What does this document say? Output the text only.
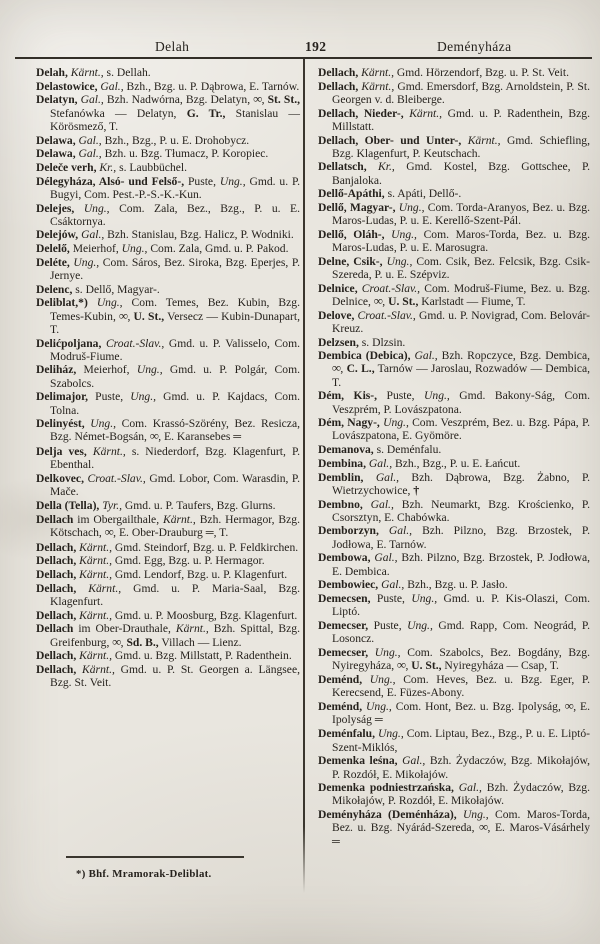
Delah	192	Deményháza

Delah, Kärnt., s. Dellah.

Delastowice, Gal., Bzh., Bzg. u. P. Dąbrowa, E. Tarnów.

Delatyn, Gal., Bzh. Nadwórna, Bzg. Delatyn, ∞, St. St., Stefanówka — Delatyn, G. Tr., Stanislau — Körösmező, T.

Delawa, Gal., Bzh., Bzg., P. u. E. Drohobycz.

Delawa, Gal., Bzh. u. Bzg. Tłumacz, P. Koropiec.

Deleče verh, Kr., s. Laubbüchel.

Délegyháza, Alsó- und Felső-, Puste, Ung., Gmd. u. P. Bugyi, Com. Pest.-P.-S.-K.-Kun.

Delejes, Ung., Com. Zala, Bez., Bzg., P. u. E. Csáktornya.

Delejów, Gal., Bzh. Stanislau, Bzg. Halicz, P. Wodniki.

Delelő, Meierhof, Ung., Com. Zala, Gmd. u. P. Pakod.

Deléte, Ung., Com. Sáros, Bez. Siroka, Bzg. Eperjes, P. Jernye.

Delenc, s. Dellő, Magyar-.

Deliblat,*) Ung., Com. Temes, Bez. Kubin, Bzg. Temes-Kubin, ∞, U. St., Versecz — Kubin-Dunapart, T.

Delićpoljana, Croat.-Slav., Gmd. u. P. Valisselo, Com. Modruš-Fiume.

Deliház, Meierhof, Ung., Gmd. u. P. Polgár, Com. Szabolcs.

Delimajor, Puste, Ung., Gmd. u. P. Kajdacs, Com. Tolna.

Delinyést, Ung., Com. Krassó-Szörény, Bez. Resicza, Bzg. Német-Bogsán, ∞, E. Karansebes ═

Delja ves, Kärnt., s. Niederdorf, Bzg. Klagenfurt, P. Ebenthal.

Delkovec, Croat.-Slav., Gmd. Lobor, Com. Warasdin, P. Mače.

Della (Tella), Tyr., Gmd. u. P. Taufers, Bzg. Glurns.

Dellach im Obergailthale, Kärnt., Bzh. Hermagor, Bzg. Kötschach, ∞, E. Ober-Drauburg ═, T.

Dellach, Kärnt., Gmd. Steindorf, Bzg. u. P. Feldkirchen.

Dellach, Kärnt., Gmd. Egg, Bzg. u. P. Hermagor.

Dellach, Kärnt., Gmd. Lendorf, Bzg. u. P. Klagenfurt.

Dellach, Kärnt., Gmd. u. P. Maria-Saal, Bzg. Klagenfurt.

Dellach, Kärnt., Gmd. u. P. Moosburg, Bzg. Klagenfurt.

Dellach im Ober-Drauthale, Kärnt., Bzh. Spittal, Bzg. Greifenburg, ∞, Sd. B., Villach — Lienz.

Dellach, Kärnt., Gmd. u. Bzg. Millstatt, P. Radenthein.

Dellach, Kärnt., Gmd. u. P. St. Georgen a. Längsee, Bzg. St. Veit.

Dellach, Kärnt., Gmd. Hörzendorf, Bzg. u. P. St. Veit.

Dellach, Kärnt., Gmd. Emersdorf, Bzg. Arnoldstein, P. St. Georgen v. d. Bleiberge.

Dellach, Nieder-, Kärnt., Gmd. u. P. Radenthein, Bzg. Millstatt.

Dellach, Ober- und Unter-, Kärnt., Gmd. Schiefling, Bzg. Klagenfurt, P. Keutschach.

Dellatsch, Kr., Gmd. Kostel, Bzg. Gottschee, P. Banjaloka.

Dellő-Apáthi, s. Apáti, Dellő-.

Dellő, Magyar-, Ung., Com. Torda-Aranyos, Bez. u. Bzg. Maros-Ludas, P. u. E. Kerellő-Szent-Pál.

Dellő, Oláh-, Ung., Com. Maros-Torda, Bez. u. Bzg. Maros-Ludas, P. u. E. Marosugra.

Delne, Csik-, Ung., Com. Csik, Bez. Felcsik, Bzg. Csik-Szereda, P. u. E. Szépviz.

Delnice, Croat.-Slav., Com. Modruš-Fiume, Bez. u. Bzg. Delnice, ∞, U. St., Karlstadt — Fiume, T.

Delove, Croat.-Slav., Gmd. u. P. Novigrad, Com. Belovár-Kreuz.

Delzsen, s. Dlzsin.

Dembica (Debica), Gal., Bzh. Ropczyce, Bzg. Dembica, ∞, C. L., Tarnów — Jaroslau, Rozwadów — Dembica, T.

Dém, Kis-, Puste, Ung., Gmd. Bakony-Ság, Com. Veszprém, P. Lovászpatona.

Dém, Nagy-, Ung., Com. Veszprém, Bez. u. Bzg. Pápa, P. Lovászpatona, E. Gyömöre.

Demanova, s. Deménfalu.

Dembina, Gal., Bzh., Bzg., P. u. E. Łańcut.

Demblin, Gal., Bzh. Dąbrowa, Bzg. Żabno, P. Wietrzychowice, †

Dembno, Gal., Bzh. Neumarkt, Bzg. Krościenko, P. Csorsztyn, E. Chabówka.

Demborzyn, Gal., Bzh. Pilzno, Bzg. Brzostek, P. Jodłowa, E. Tarnów.

Dembowa, Gal., Bzh. Pilzno, Bzg. Brzostek, P. Jodłowa, E. Dembica.

Dembowiec, Gal., Bzh., Bzg. u. P. Jasło.

Demecsen, Puste, Ung., Gmd. u. P. Kis-Olaszi, Com. Liptó.

Demecser, Puste, Ung., Gmd. Rapp, Com. Neográd, P. Losoncz.

Demecser, Ung., Com. Szabolcs, Bez. Bogdány, Bzg. Nyiregyháza, ∞, U. St., Nyiregyháza — Csap, T.

Deménd, Ung., Com. Heves, Bez. u. Bzg. Eger, P. Kerecsend, E. Füzes-Abony.

Deménd, Ung., Com. Hont, Bez. u. Bzg. Ipolyság, ∞, E. Ipolyság ═

Deménfalu, Ung., Com. Liptau, Bez., Bzg., P. u. E. Liptó-Szent-Miklós,

Demenka leśna, Gal., Bzh. Żydaczów, Bzg. Mikołajów, P. Rozdół, E. Mikołajów.

Demenka podniestrzańska, Gal., Bzh. Żydaczów, Bzg. Mikołajów, P. Rozdół, E. Mikołajów.

Deményháza (Deménháza), Ung., Com. Maros-Torda, Bez. u. Bzg. Nyárád-Szereda, ∞, E. Maros-Vásárhely ═

*) Bhf. Mramorak-Deliblat.
